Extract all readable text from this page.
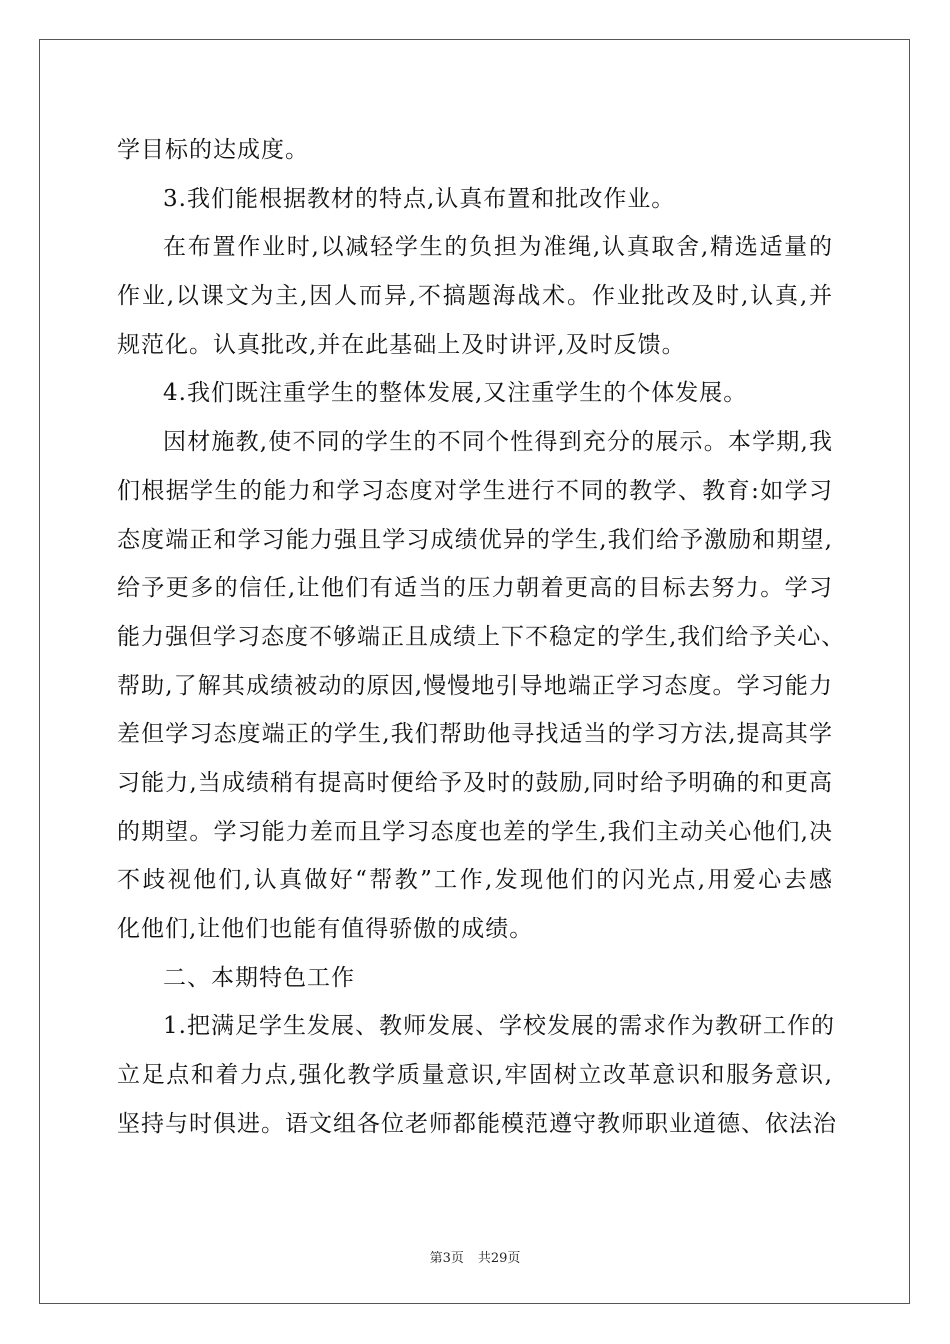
学目标的达成度。
3.我们能根据教材的特点,认真布置和批改作业。
在布置作业时,以减轻学生的负担为准绳,认真取舍,精选适量的
作业,以课文为主,因人而异,不搞题海战术。作业批改及时,认真,并
规范化。认真批改,并在此基础上及时讲评,及时反馈。
4.我们既注重学生的整体发展,又注重学生的个体发展。
因材施教,使不同的学生的不同个性得到充分的展示。本学期,我
们根据学生的能力和学习态度对学生进行不同的教学、教育:如学习
态度端正和学习能力强且学习成绩优异的学生,我们给予激励和期望,
给予更多的信任,让他们有适当的压力朝着更高的目标去努力。学习
能力强但学习态度不够端正且成绩上下不稳定的学生,我们给予关心、
帮助,了解其成绩被动的原因,慢慢地引导地端正学习态度。学习能力
差但学习态度端正的学生,我们帮助他寻找适当的学习方法,提高其学
习能力,当成绩稍有提高时便给予及时的鼓励,同时给予明确的和更高
的期望。学习能力差而且学习态度也差的学生,我们主动关心他们,决
不歧视他们,认真做好“帮教”工作,发现他们的闪光点,用爱心去感
化他们,让他们也能有值得骄傲的成绩。
二、本期特色工作
1.把满足学生发展、教师发展、学校发展的需求作为教研工作的
立足点和着力点,强化教学质量意识,牢固树立改革意识和服务意识,
坚持与时俱进。语文组各位老师都能模范遵守教师职业道德、依法治
第3页 共29页
